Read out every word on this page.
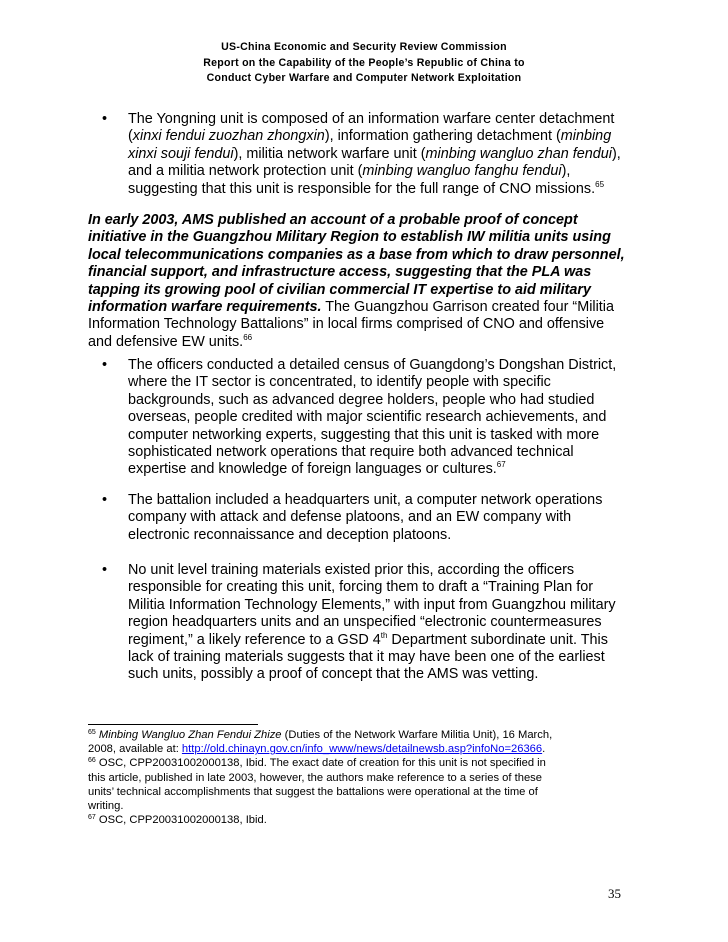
US-China Economic and Security Review Commission
Report on the Capability of the People’s Republic of China to
Conduct Cyber Warfare and Computer Network Exploitation
• The Yongning unit is composed of an information warfare center detachment
(xinxi fendui zuozhan zhongxin), information gathering detachment (minbing
xinxi souji fendui), militia network warfare unit (minbing wangluo zhan fendui),
and a militia network protection unit (minbing wangluo fanghu fendui),
suggesting that this unit is responsible for the full range of CNO missions.$^{65}$
In early 2003, AMS published an account of a probable proof of concept
initiative in the Guangzhou Military Region to establish IW militia units using
local telecommunications companies as a base from which to draw personnel,
financial support, and infrastructure access, suggesting that the PLA was
tapping its growing pool of civilian commercial IT expertise to aid military
information warfare requirements. The Guangzhou Garrison created four “Militia
Information Technology Battalions” in local firms comprised of CNO and offensive
and defensive EW units.$^{66}$
• The officers conducted a detailed census of Guangdong’s Dongshan District,
where the IT sector is concentrated, to identify people with specific
backgrounds, such as advanced degree holders, people who had studied
overseas, people credited with major scientific research achievements, and
computer networking experts, suggesting that this unit is tasked with more
sophisticated network operations that require both advanced technical
expertise and knowledge of foreign languages or cultures.$^{67}$
• The battalion included a headquarters unit, a computer network operations
company with attack and defense platoons, and an EW company with
electronic reconnaissance and deception platoons.
• No unit level training materials existed prior this, according the officers
responsible for creating this unit, forcing them to draft a “Training Plan for
Militia Information Technology Elements,” with input from Guangzhou military
region headquarters units and an unspecified “electronic countermeasures
regiment,” a likely reference to a GSD 4th Department subordinate unit. This
lack of training materials suggests that it may have been one of the earliest
such units, possibly a proof of concept that the AMS was vetting.
$^{65}$ Minbing Wangluo Zhan Fendui Zhize (Duties of the Network Warfare Militia Unit), 16 March,
2008, available at: http://old.chinayn.gov.cn/info_www/news/detailnewsb.asp?infoNo=26366.
$^{66}$ OSC, CPP20031002000138, Ibid. The exact date of creation for this unit is not specified in
this article, published in late 2003, however, the authors make reference to a series of these
units’ technical accomplishments that suggest the battalions were operational at the time of
writing.
$^{67}$ OSC, CPP20031002000138, Ibid.
35
